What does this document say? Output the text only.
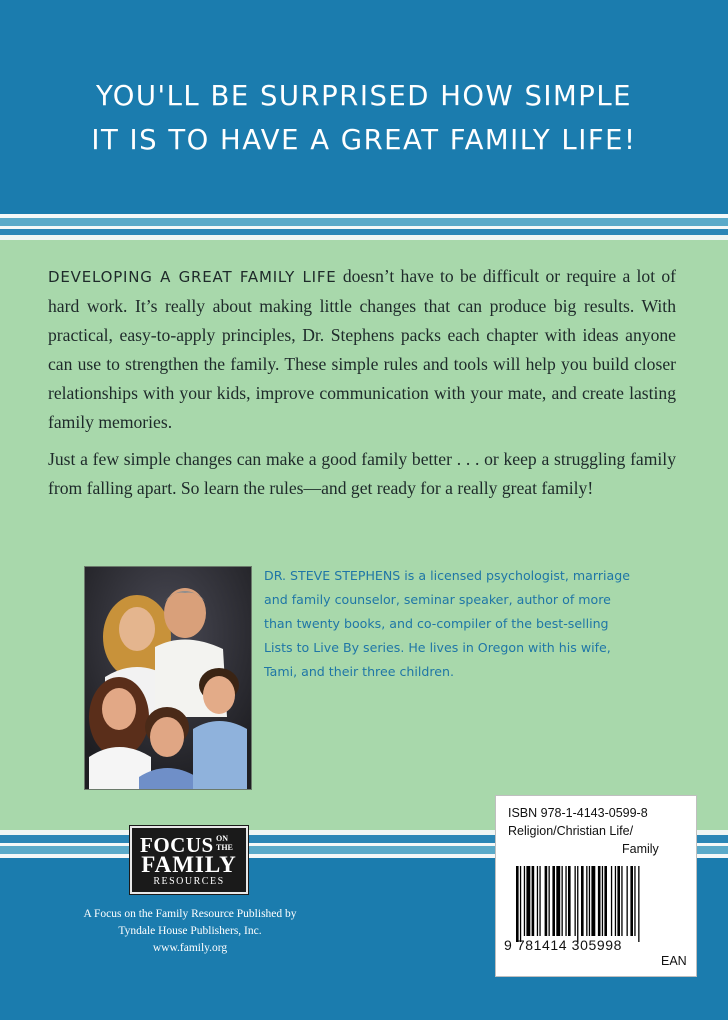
YOU'LL BE SURPRISED HOW SIMPLE
IT IS TO HAVE A GREAT FAMILY LIFE!

DEVELOPING A GREAT FAMILY LIFE doesn’t have to be difficult or require a lot of hard work. It’s really about making little changes that can produce big results. With practical, easy-to-apply principles, Dr. Stephens packs each chapter with ideas anyone can use to strengthen the family. These simple rules and tools will help you build closer relationships with your kids, improve communication with your mate, and create lasting family memories.

Just a few simple changes can make a good family better . . . or keep a struggling family from falling apart. So learn the rules—and get ready for a really great family!

DR. STEVE STEPHENS is a licensed psychologist, marriage
and family counselor, seminar speaker, author of more
than twenty books, and co-compiler of the best-selling
Lists to Live By series. He lives in Oregon with his wife,
Tami, and their three children.
FOCUS ON THE
FAMILY
RESOURCES
A Focus on the Family Resource Published by
Tyndale House Publishers, Inc.
www.family.org
ISBN 978-1-4143-0599-8
Religion/Christian Life/
Family
9 781414 305998
EAN
